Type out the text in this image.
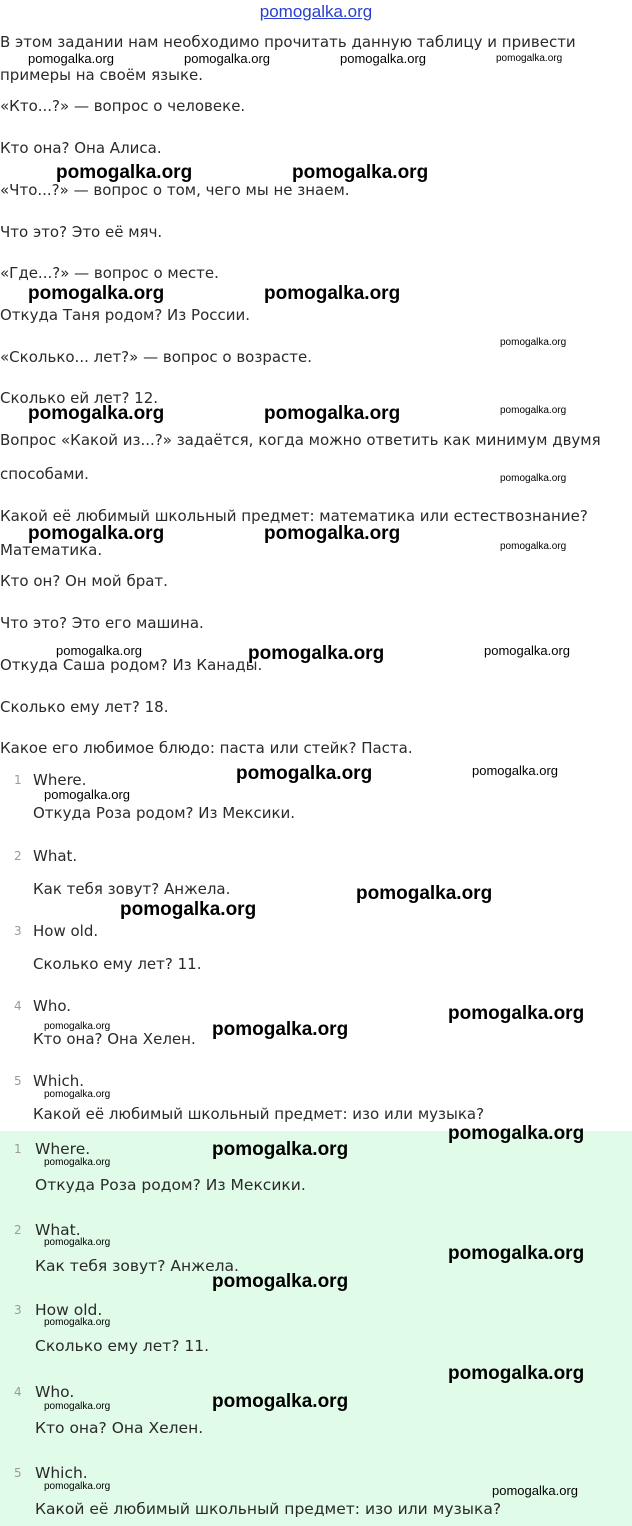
pomogalka.org

В этом задании нам необходимо прочитать данную таблицу и привести

примеры на своём языке.

«Кто...?» — вопрос о человеке.

Кто она? Она Алиса.

«Что...?» — вопрос о том, чего мы не знаем.

Что это? Это её мяч.

«Где...?» — вопрос о месте.

Откуда Таня родом? Из России.

«Сколько... лет?» — вопрос о возрасте.

Сколько ей лет? 12.

Вопрос «Какой из...?» задаётся, когда можно ответить как минимум двумя

способами.

Какой её любимый школьный предмет: математика или естествознание?

Математика.

Кто он? Он мой брат.

Что это? Это его машина.

Откуда Саша родом? Из Канады.

Сколько ему лет? 18.

Какое его любимое блюдо: паста или стейк? Паста.

1 Where.
Откуда Роза родом? Из Мексики.
2 What.
Как тебя зовут? Анжела.
3 How old.
Сколько ему лет? 11.
4 Who.
Кто она? Она Хелен.
5 Which.
Какой её любимый школьный предмет: изо или музыка?
1 Where.
Откуда Роза родом? Из Мексики.
2 What.
Как тебя зовут? Анжела.
3 How old.
Сколько ему лет? 11.
4 Who.
Кто она? Она Хелен.
5 Which.
Какой её любимый школьный предмет: изо или музыка?
pomogalka.org	pomogalka.org	pomogalka.org	pomogalka.org
pomogalka.org	pomogalka.org
pomogalka.org	pomogalka.org
pomogalka.org
pomogalka.org	pomogalka.org	pomogalka.org
pomogalka.org
pomogalka.org	pomogalka.org
pomogalka.org
pomogalka.org	pomogalka.org	pomogalka.org
pomogalka.org	pomogalka.org
pomogalka.org
pomogalka.org
pomogalka.org
pomogalka.org
pomogalka.org	pomogalka.org
pomogalka.org
pomogalka.org
pomogalka.org
pomogalka.org
pomogalka.org
pomogalka.org
pomogalka.org
pomogalka.org
pomogalka.org
pomogalka.org
pomogalka.org
pomogalka.org	pomogalka.org
